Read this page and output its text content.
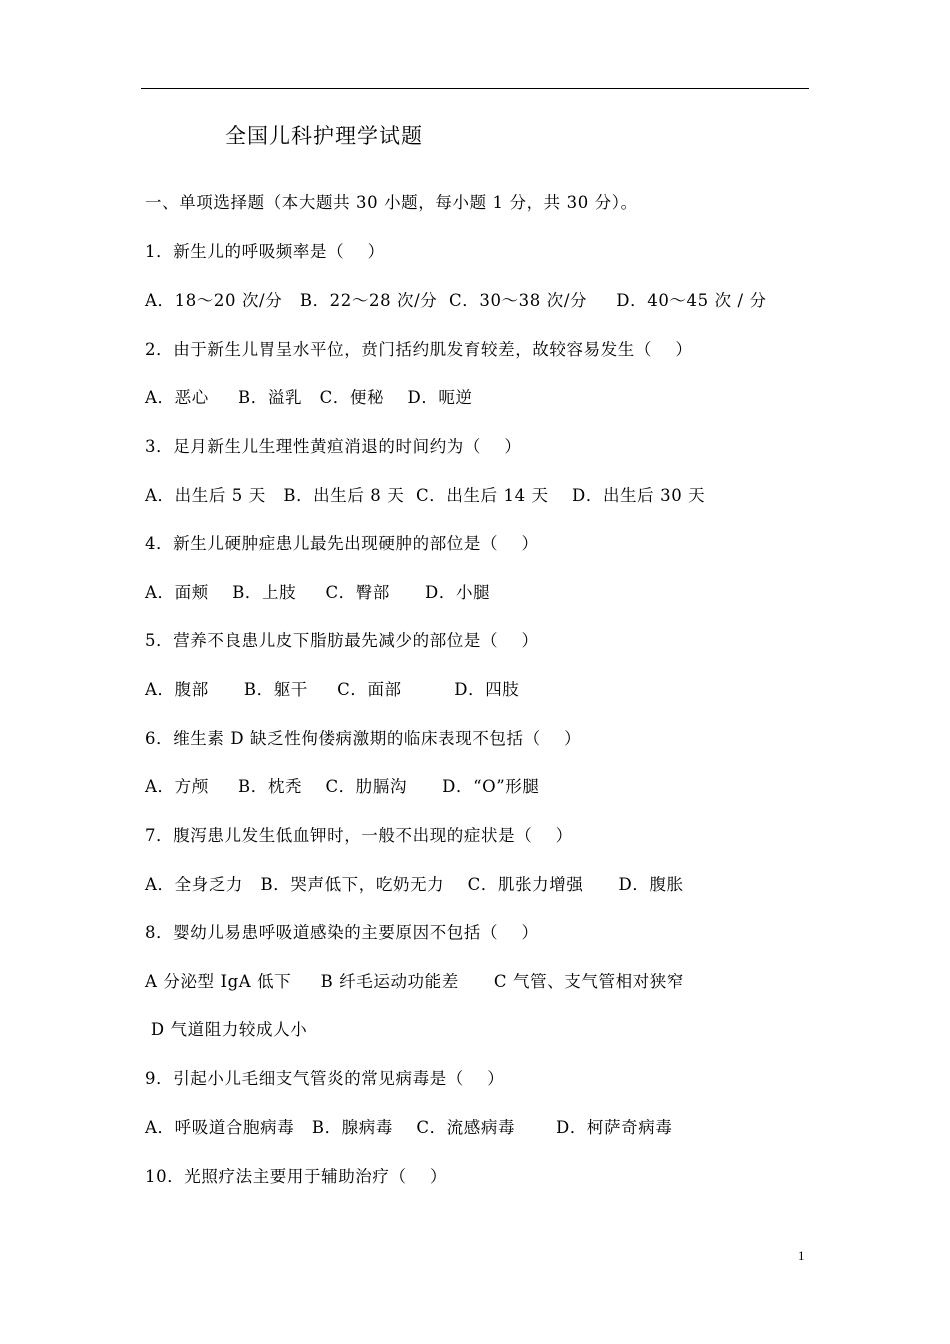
全国儿科护理学试题
一、单项选择题（本大题共 30 小题，每小题 1 分，共 30 分）。
1．新生儿的呼吸频率是（    ）
A．18～20 次/分   B．22～28 次/分  C．30～38 次/分     D．40～45 次 / 分
2．由于新生儿胃呈水平位，贲门括约肌发育较差，故较容易发生（    ）
A．恶心     B．溢乳   C．便秘    D．呃逆
3．足月新生儿生理性黄疸消退的时间约为（    ）
A．出生后 5 天   B．出生后 8 天  C．出生后 14 天    D．出生后 30 天
4．新生儿硬肿症患儿最先出现硬肿的部位是（    ）
A．面颊    B．上肢     C．臀部      D．小腿
5．营养不良患儿皮下脂肪最先减少的部位是（    ）
A．腹部      B．躯干     C．面部         D．四肢
6．维生素 D 缺乏性佝偻病激期的临床表现不包括（    ）
A．方颅     B．枕秃    C．肋膈沟      D．“O”形腿
7．腹泻患儿发生低血钾时，一般不出现的症状是（    ）
A．全身乏力   B．哭声低下，吃奶无力    C．肌张力增强      D．腹胀
8．婴幼儿易患呼吸道感染的主要原因不包括（    ）
A 分泌型 IgA 低下     B 纤毛运动功能差      C 气管、支气管相对狭窄
D 气道阻力较成人小
9．引起小儿毛细支气管炎的常见病毒是（    ）
A．呼吸道合胞病毒   B．腺病毒    C．流感病毒       D．柯萨奇病毒
10．光照疗法主要用于辅助治疗（    ）
1
